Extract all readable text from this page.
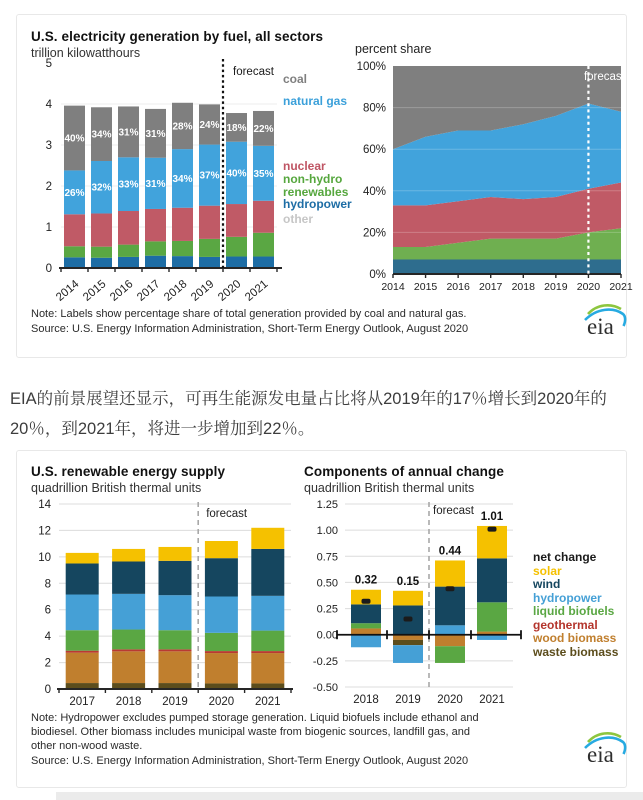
U.S. electricity generation by fuel, all sectors
trillion kilowatthours
0
1
2
3
4
5
40%
26%
34%
32%
31%
33%
31%
31%
28%
34%
24%
37%
18%
40%
22%
35%
2014 2015 2016 2017 2018 2019 2020 2021
forecast coal
natural gas
nuclear
non-hydro renewables
hydropower
other
percent share
100%
80%
60%
40%
20%
0%
2014 2015 2016 2017 2018 2019 2020 2021
forecast
Note: Labels show percentage share of total generation provided by coal and natural gas.
Source: U.S. Energy Information Administration, Short-Term Energy Outlook, August 2020	eia
EIA的前景展望还显示，可再生能源发电量占比将从2019年的17％增长到2020年的
20％，到2021年，将进一步增加到22％。
U.S. renewable energy supply
quadrillion British thermal units
0
2
4
6
8
10
12
14
forecast
2017 2018 2019 2020 2021
Components of annual change
quadrillion British thermal units
1.25
1.00
0.75
0.50
0.25
0.00
-0.25
-0.50
forecast
0.32 0.15
0.44
1.01
2018 2019 2020 2021
net change
solar
wind
hydropower
liquid biofuels
geothermal
wood biomass
waste biomass
Note: Hydropower excludes pumped storage generation. Liquid biofuels include ethanol and
biodiesel. Other biomass includes municipal waste from biogenic sources, landfill gas, and
other non-wood waste.
Source: U.S. Energy Information Administration, Short-Term Energy Outlook, August 2020	eia
